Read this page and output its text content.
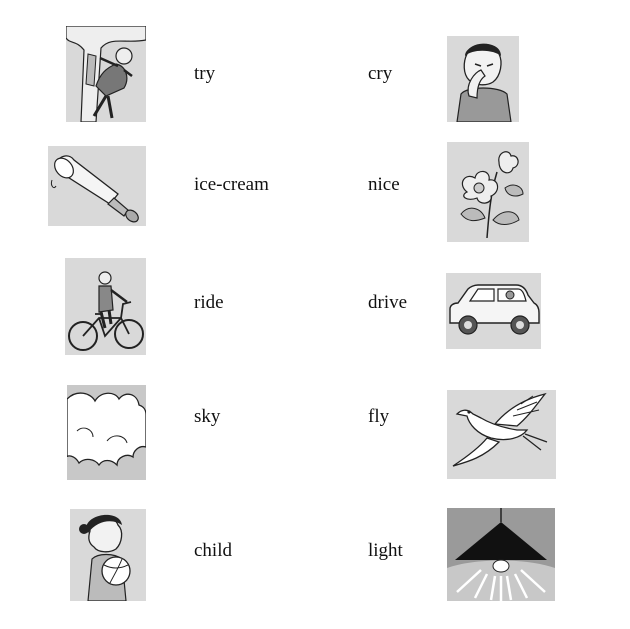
try	cry
ice-cream	nice
ride	drive
sky	fly
child	light
